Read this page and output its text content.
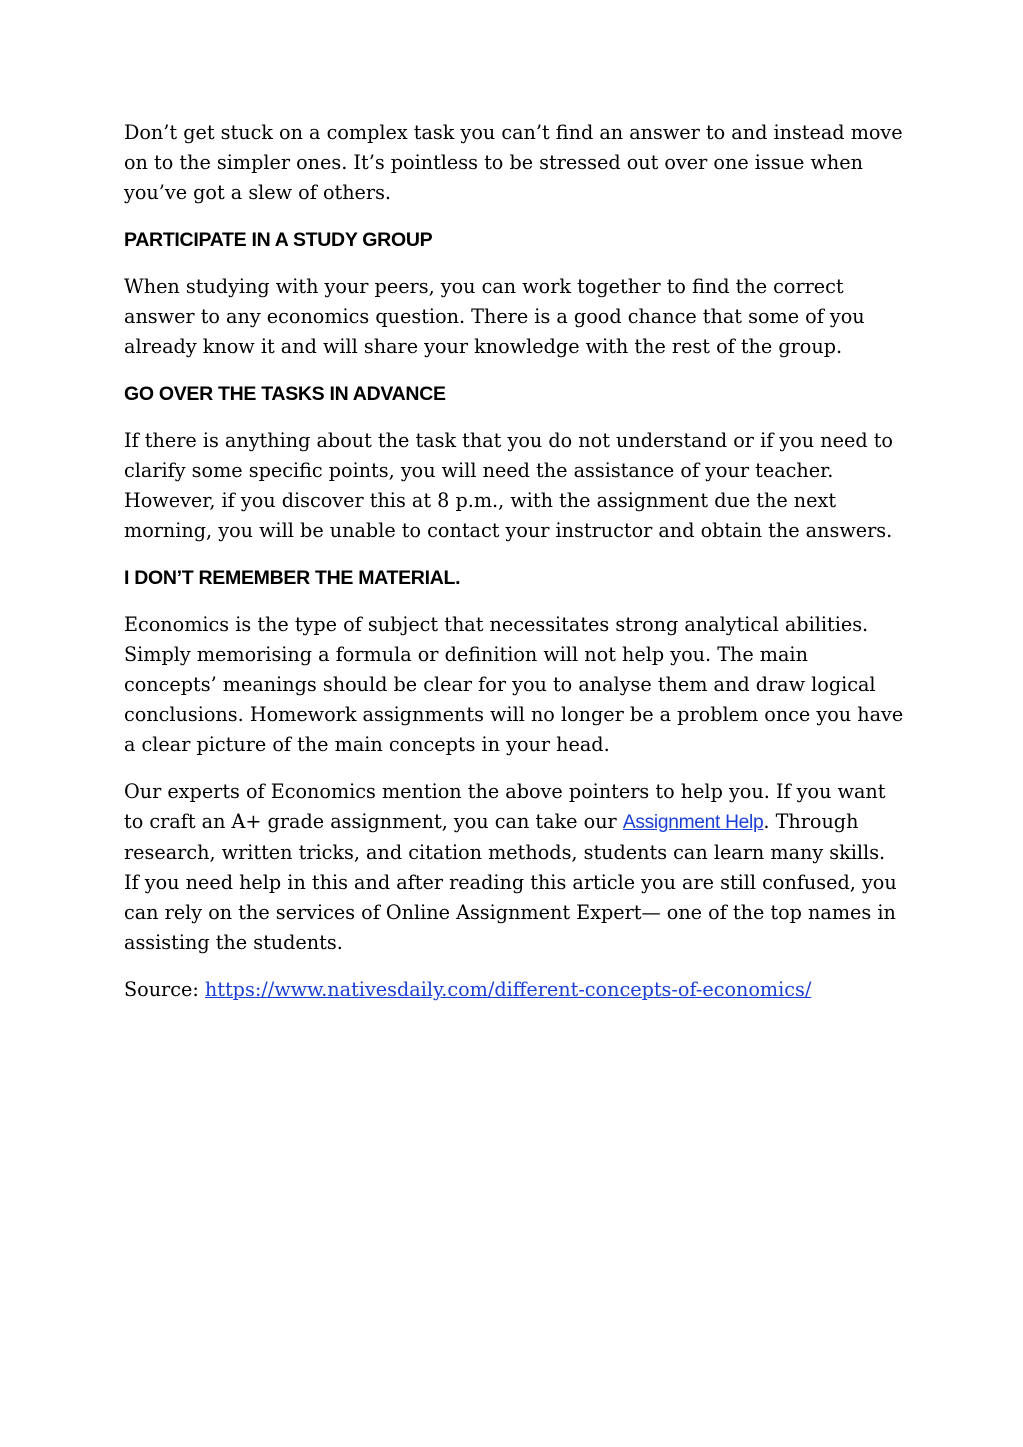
Don’t get stuck on a complex task you can’t find an answer to and instead move on to the simpler ones. It’s pointless to be stressed out over one issue when you’ve got a slew of others.

PARTICIPATE IN A STUDY GROUP

When studying with your peers, you can work together to find the correct answer to any economics question. There is a good chance that some of you already know it and will share your knowledge with the rest of the group.

GO OVER THE TASKS IN ADVANCE

If there is anything about the task that you do not understand or if you need to clarify some specific points, you will need the assistance of your teacher. However, if you discover this at 8 p.m., with the assignment due the next morning, you will be unable to contact your instructor and obtain the answers.

I DON’T REMEMBER THE MATERIAL.

Economics is the type of subject that necessitates strong analytical abilities. Simply memorising a formula or definition will not help you. The main concepts’ meanings should be clear for you to analyse them and draw logical conclusions. Homework assignments will no longer be a problem once you have a clear picture of the main concepts in your head.

Our experts of Economics mention the above pointers to help you. If you want to craft an A+ grade assignment, you can take our Assignment Help. Through research, written tricks, and citation methods, students can learn many skills. If you need help in this and after reading this article you are still confused, you can rely on the services of Online Assignment Expert— one of the top names in assisting the students.

Source: https://www.nativesdaily.com/different-concepts-of-economics/
